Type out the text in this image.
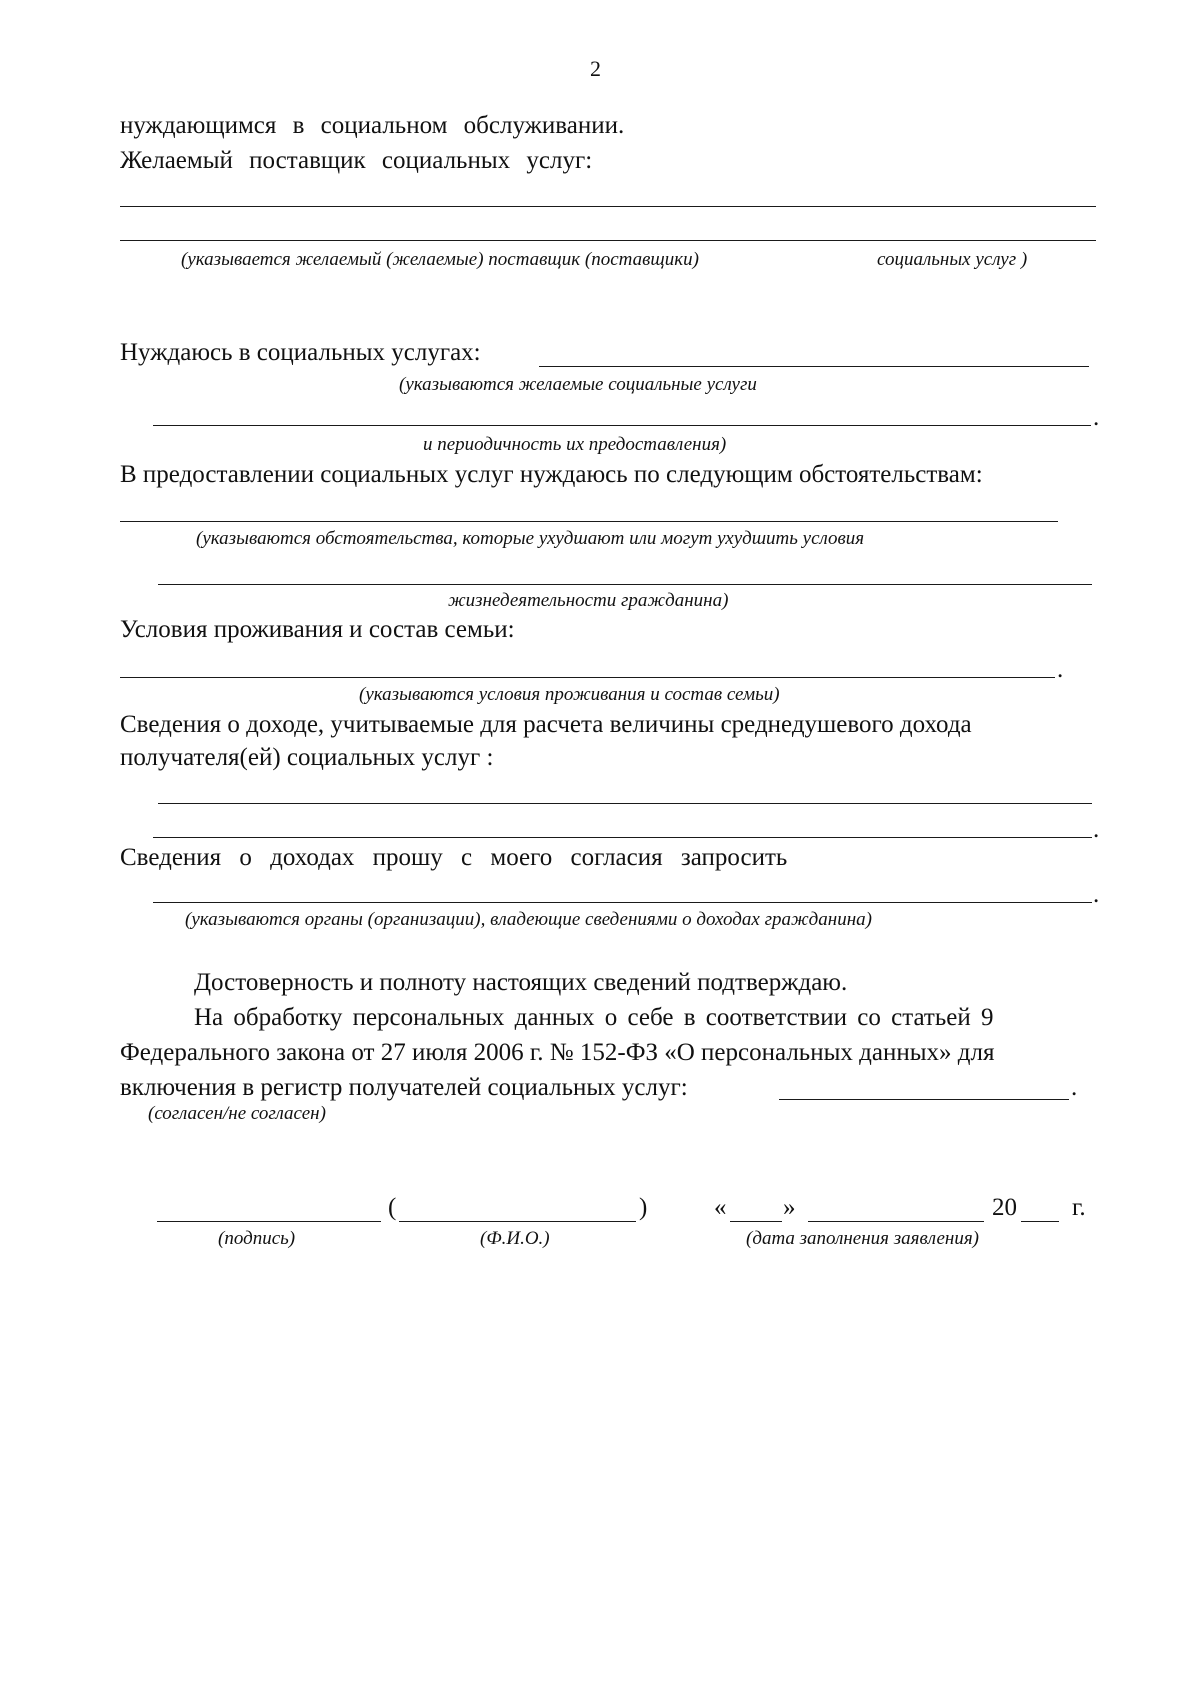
2
нуждающимся в социальном обслуживании.
Желаемый поставщик социальных услуг:
(указывается желаемый (желаемые) поставщик (поставщики)	социальных услуг )
Нуждаюсь в социальных услугах:
(указываются желаемые социальные услуги
.
и периодичность их предоставления)
В предоставлении социальных услуг нуждаюсь по следующим обстоятельствам:
(указываются обстоятельства, которые ухудшают или могут ухудшить условия
жизнедеятельности гражданина)
Условия проживания и состав семьи:
.
(указываются условия проживания и состав семьи)
Сведения о доходе, учитываемые для расчета величины среднедушевого дохода
получателя(ей) социальных услуг :
.
Сведения о доходах прошу с моего согласия запросить
.
(указываются органы (организации), владеющие сведениями о доходах гражданина)
Достоверность и полноту настоящих сведений подтверждаю.
На обработку персональных данных о себе в соответствии со статьей 9
Федерального закона от 27 июля 2006 г. № 152-ФЗ «О персональных данных» для
включения в регистр получателей социальных услуг:	.
(согласен/не согласен)
(	)	« »	20 г.
(подпись)	(Ф.И.О.)	(дата заполнения заявления)
